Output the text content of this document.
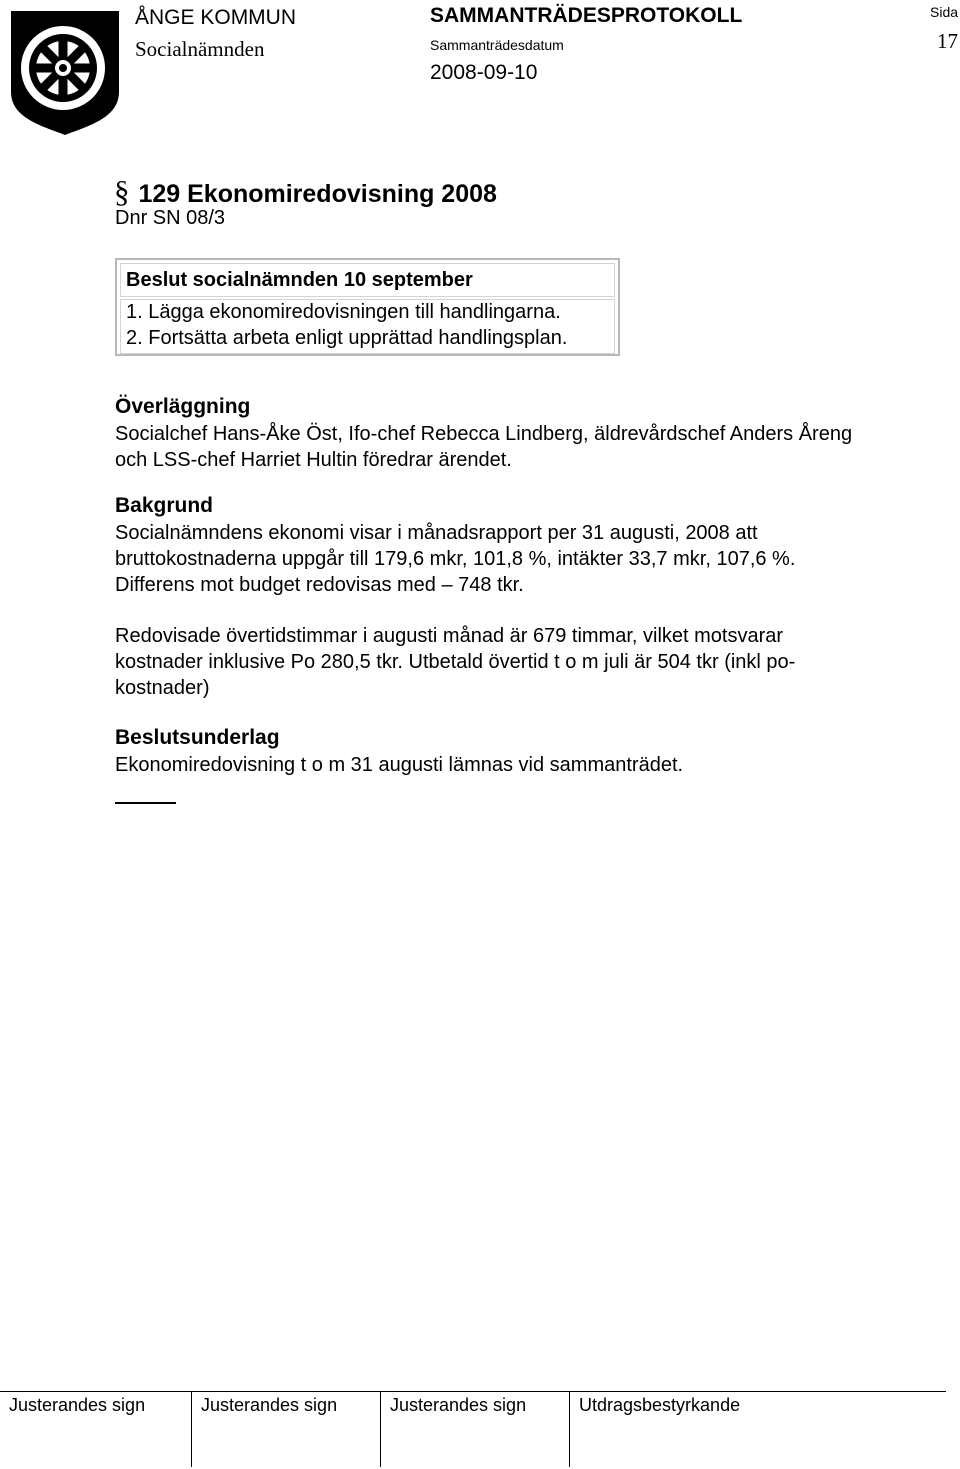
ÅNGE KOMMUN
Socialnämnden
SAMMANTRÄDESPROTOKOLL
Sammanträdesdatum
2008-09-10
Sida
17
§ 129 Ekonomiredovisning 2008
Dnr SN 08/3
Beslut socialnämnden 10 september
1. Lägga ekonomiredovisningen till handlingarna.
2. Fortsätta arbeta enligt upprättad handlingsplan.
Överläggning
Socialchef Hans-Åke Öst, Ifo-chef Rebecca Lindberg, äldrevårdschef Anders Åreng
och LSS-chef Harriet Hultin föredrar ärendet.
Bakgrund
Socialnämndens ekonomi visar i månadsrapport per 31 augusti, 2008 att
bruttokostnaderna uppgår till 179,6 mkr, 101,8 %, intäkter 33,7 mkr, 107,6 %.
Differens mot budget redovisas med – 748 tkr.
Redovisade övertidstimmar i augusti månad är 679 timmar, vilket motsvarar
kostnader inklusive Po 280,5 tkr. Utbetald övertid t o m juli är 504 tkr (inkl po-
kostnader)
Beslutsunderlag
Ekonomiredovisning t o m 31 augusti lämnas vid sammanträdet.
Justerandes sign	Justerandes sign	Justerandes sign	Utdragsbestyrkande
